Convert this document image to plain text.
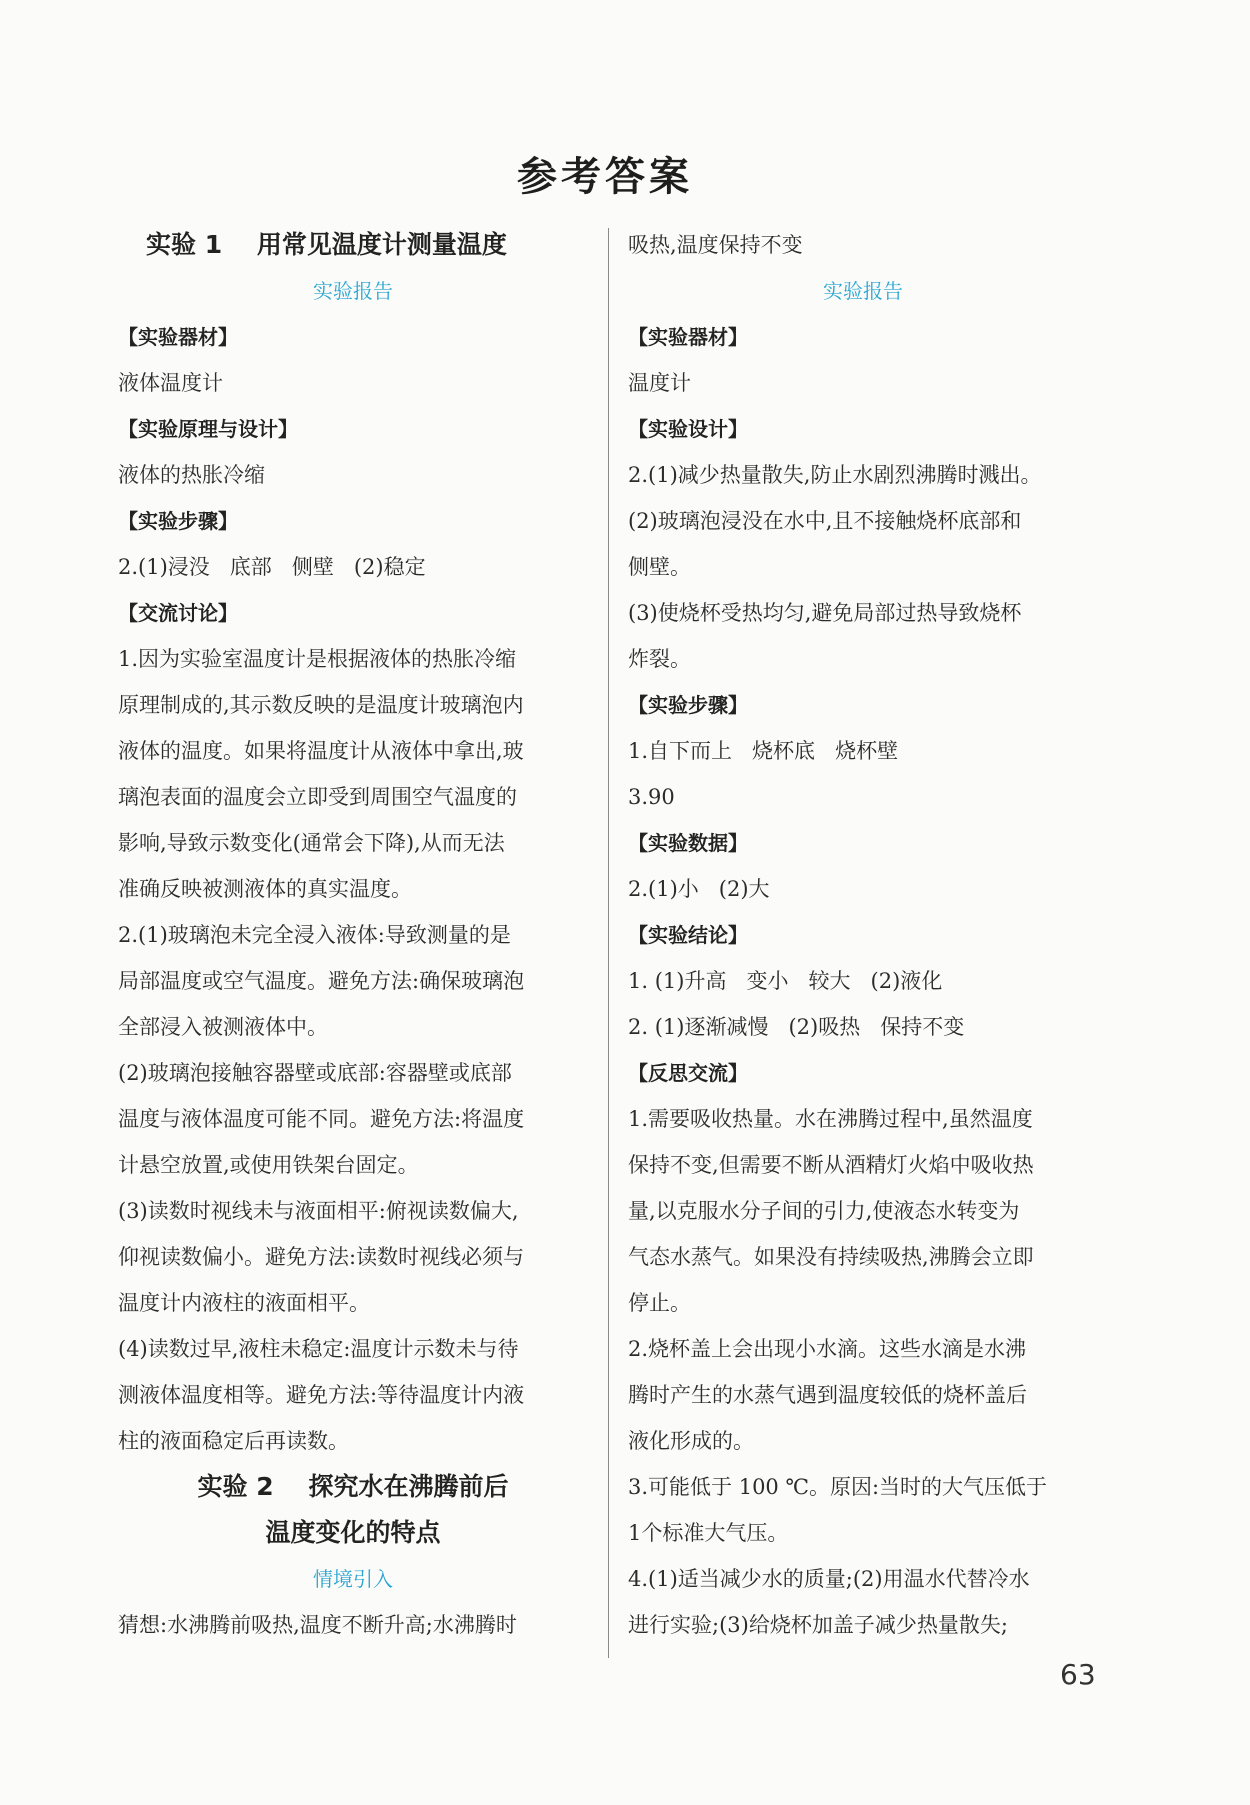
参考答案
实验 1    用常见温度计测量温度
实验报告
【实验器材】
液体温度计
【实验原理与设计】
液体的热胀冷缩
【实验步骤】
2.(1)浸没   底部   侧壁   (2)稳定
【交流讨论】
1.因为实验室温度计是根据液体的热胀冷缩
原理制成的,其示数反映的是温度计玻璃泡内
液体的温度。如果将温度计从液体中拿出,玻
璃泡表面的温度会立即受到周围空气温度的
影响,导致示数变化(通常会下降),从而无法
准确反映被测液体的真实温度。
2.(1)玻璃泡未完全浸入液体:导致测量的是
局部温度或空气温度。避免方法:确保玻璃泡
全部浸入被测液体中。
(2)玻璃泡接触容器壁或底部:容器壁或底部
温度与液体温度可能不同。避免方法:将温度
计悬空放置,或使用铁架台固定。
(3)读数时视线未与液面相平:俯视读数偏大,
仰视读数偏小。避免方法:读数时视线必须与
温度计内液柱的液面相平。
(4)读数过早,液柱未稳定:温度计示数未与待
测液体温度相等。避免方法:等待温度计内液
柱的液面稳定后再读数。
实验 2    探究水在沸腾前后
温度变化的特点
情境引入
猜想:水沸腾前吸热,温度不断升高;水沸腾时
吸热,温度保持不变
实验报告
【实验器材】
温度计
【实验设计】
2.(1)减少热量散失,防止水剧烈沸腾时溅出。
(2)玻璃泡浸没在水中,且不接触烧杯底部和
侧壁。
(3)使烧杯受热均匀,避免局部过热导致烧杯
炸裂。
【实验步骤】
1.自下而上   烧杯底   烧杯壁
3.90
【实验数据】
2.(1)小   (2)大
【实验结论】
1. (1)升高   变小   较大   (2)液化
2. (1)逐渐减慢   (2)吸热   保持不变
【反思交流】
1.需要吸收热量。水在沸腾过程中,虽然温度
保持不变,但需要不断从酒精灯火焰中吸收热
量,以克服水分子间的引力,使液态水转变为
气态水蒸气。如果没有持续吸热,沸腾会立即
停止。
2.烧杯盖上会出现小水滴。这些水滴是水沸
腾时产生的水蒸气遇到温度较低的烧杯盖后
液化形成的。
3.可能低于 100 ℃。原因:当时的大气压低于
1个标准大气压。
4.(1)适当减少水的质量;(2)用温水代替冷水
进行实验;(3)给烧杯加盖子减少热量散失;
63
